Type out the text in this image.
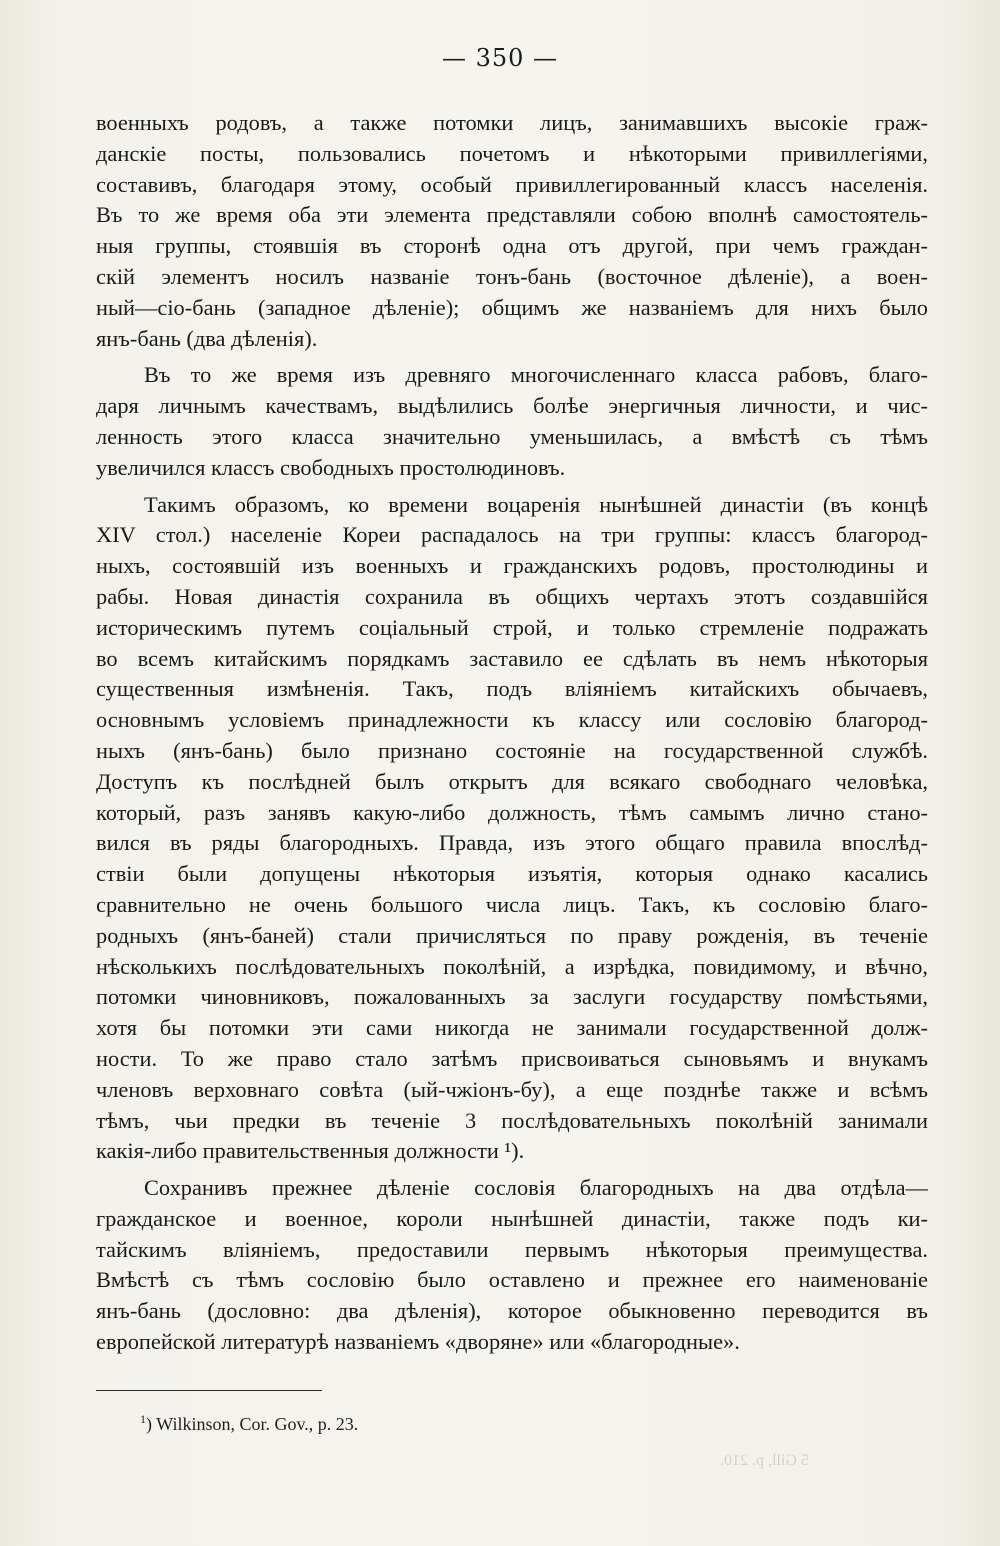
— 350 —
военныхъ родовъ, а также потомки лицъ, занимавшихъ высокіе граж-
данскіе посты, пользовались почетомъ и нѣкоторыми привиллегіями,
составивъ, благодаря этому, особый привиллегированный классъ населенія.
Въ то же время оба эти элемента представляли собою вполнѣ самостоятель-
ныя группы, стоявшія въ сторонѣ одна отъ другой, при чемъ граждан-
скій элементъ носилъ названіе тонъ-бань (восточное дѣленіе), а воен-
ный—сіо-бань (западное дѣленіе); общимъ же названіемъ для нихъ было
янъ-бань (два дѣленія).
Въ то же время изъ древняго многочисленнаго класса рабовъ, благо-
даря личнымъ качествамъ, выдѣлились болѣе энергичныя личности, и чис-
ленность этого класса значительно уменьшилась, а вмѣстѣ съ тѣмъ
увеличился классъ свободныхъ простолюдиновъ.
Такимъ образомъ, ко времени воцаренія нынѣшней династіи (въ концѣ
XIV стол.) населеніе Кореи распадалось на три группы: классъ благород-
ныхъ, состоявшій изъ военныхъ и гражданскихъ родовъ, простолюдины и
рабы. Новая династія сохранила въ общихъ чертахъ этотъ создавшійся
историческимъ путемъ соціальный строй, и только стремленіе подражать
во всемъ китайскимъ порядкамъ заставило ее сдѣлать въ немъ нѣкоторыя
существенныя измѣненія. Такъ, подъ вліяніемъ китайскихъ обычаевъ,
основнымъ условіемъ принадлежности къ классу или сословію благород-
ныхъ (янъ-бань) было признано состояніе на государственной службѣ.
Доступъ къ послѣдней былъ открытъ для всякаго свободнаго человѣка,
который, разъ занявъ какую-либо должность, тѣмъ самымъ лично стано-
вился въ ряды благородныхъ. Правда, изъ этого общаго правила впослѣд-
ствіи были допущены нѣкоторыя изъятія, которыя однако касались
сравнительно не очень большого числа лицъ. Такъ, къ сословію благо-
родныхъ (янъ-баней) стали причисляться по праву рожденія, въ теченіе
нѣсколькихъ послѣдовательныхъ поколѣній, а изрѣдка, повидимому, и вѣчно,
потомки чиновниковъ, пожалованныхъ за заслуги государству помѣстьями,
хотя бы потомки эти сами никогда не занимали государственной долж-
ности. То же право стало затѣмъ присвоиваться сыновьямъ и внукамъ
членовъ верховнаго совѣта (ый-чжіонъ-бу), а еще позднѣе также и всѣмъ
тѣмъ, чьи предки въ теченіе 3 послѣдовательныхъ поколѣній занимали
какія-либо правительственныя должности ¹).
Сохранивъ прежнее дѣленіе сословія благородныхъ на два отдѣла—
гражданское и военное, короли нынѣшней династіи, также подъ ки-
тайскимъ вліяніемъ, предоставили первымъ нѣкоторыя преимущества.
Вмѣстѣ съ тѣмъ сословію было оставлено и прежнее его наименованіе
янъ-бань (дословно: два дѣленія), которое обыкновенно переводится въ
европейской литературѣ названіемъ «дворяне» или «благородные».
$^1$) Wilkinson, Cor. Gov., p. 23.
5 Gill, p. 210.
